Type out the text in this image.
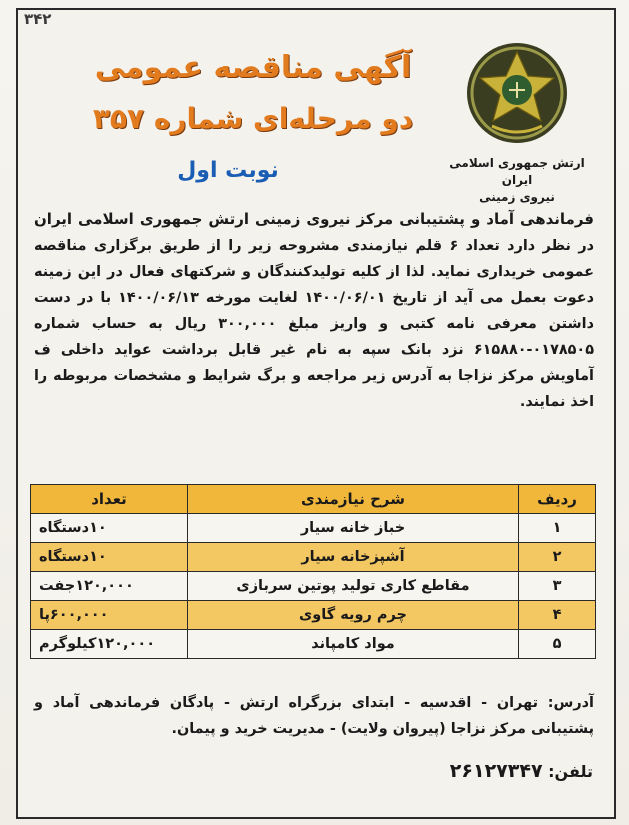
۳۴۲
ارتش جمهوری اسلامی ایران
نیروی زمینی
آگهی مناقصه عمومی
دو مرحله‌ای شماره ۳۵۷
نوبت اول
فرماندهی آماد و پشتیبانی مرکز نیروی زمینی ارتش جمهوری اسلامی ایران در نظر دارد تعداد ۶ قلم نیازمندی مشروحه زیر را از طریق برگزاری مناقصه عمومی خریداری نماید. لذا از کلیه تولیدکنندگان و شرکتهای فعال در این زمینه دعوت بعمل می آید از تاریخ ۱۴۰۰/۰۶/۰۱ لغایت مورخه ۱۴۰۰/۰۶/۱۳ با در دست داشتن معرفی نامه کتبی و واریز مبلغ ۳۰۰,۰۰۰ ریال به حساب شماره ۰۱۷۸۵۰۵-۶۱۵۸۸۰ نزد بانک سپه به نام غیر قابل برداشت عواید داخلی ف آماویش مرکز نزاجا به آدرس زیر مراجعه و برگ شرایط و مشخصات مربوطه را اخذ نمایند.
ردیف	شرح نیازمندی	تعداد
۱	خباز خانه سیار	۱۰دستگاه
۲	آشپزخانه سیار	۱۰دستگاه
۳	مقاطع کاری تولید پوتین سربازی	۱۲۰,۰۰۰جفت
۴	چرم رویه گاوی	۶۰۰,۰۰۰پا
۵	مواد کامپاند	۱۲۰,۰۰۰کیلوگرم
آدرس: تهران - اقدسیه - ابتدای بزرگراه ارتش - پادگان فرماندهی آماد و پشتیبانی مرکز نزاجا (پیروان ولایت) - مدیریت خرید و پیمان.
تلفن: ۲۶۱۲۷۳۴۷
